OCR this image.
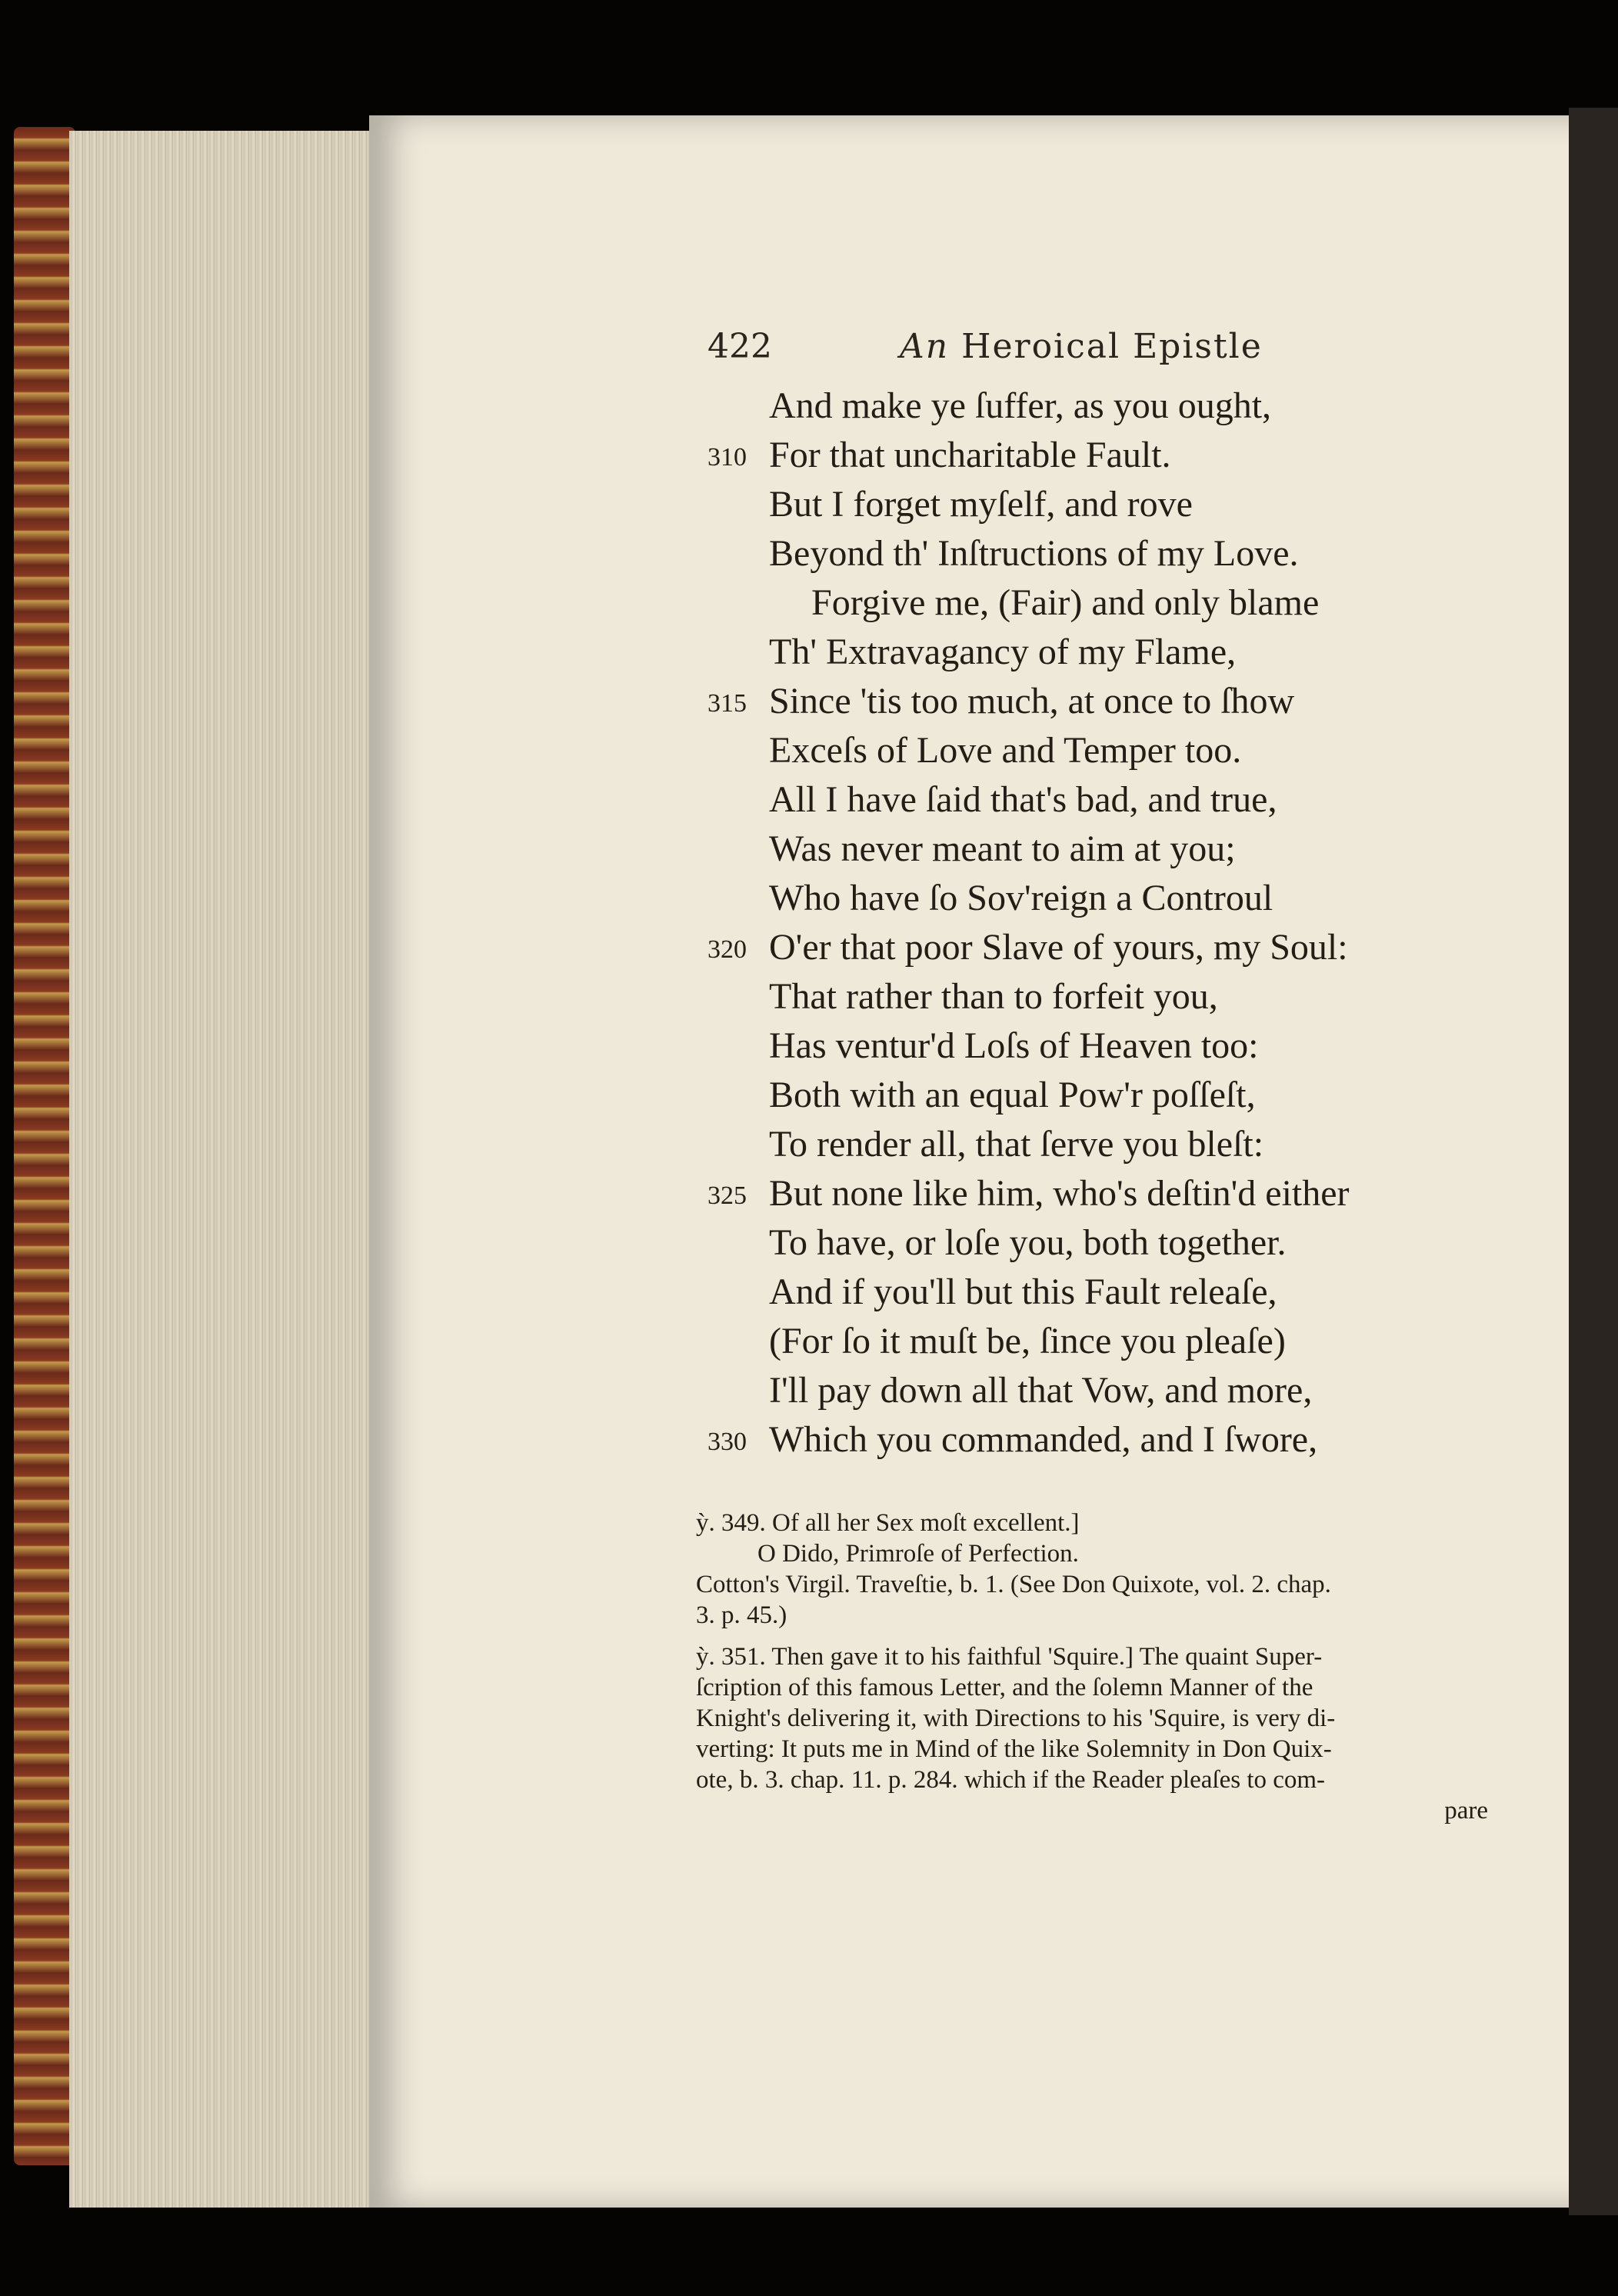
422	An Heroical Epistle
And make ye ſuffer, as you ought,
310 For that uncharitable Fault.
But I forget myſelf, and rove
Beyond th' Inſtructions of my Love.
Forgive me, (Fair) and only blame
Th' Extravagancy of my Flame,
315 Since 'tis too much, at once to ſhow
Exceſs of Love and Temper too.
All I have ſaid that's bad, and true,
Was never meant to aim at you;
Who have ſo Sov'reign a Controul
320 O'er that poor Slave of yours, my Soul:
That rather than to forfeit you,
Has ventur'd Loſs of Heaven too:
Both with an equal Pow'r poſſeſt,
To render all, that ſerve you bleſt:
325 But none like him, who's deſtin'd either
To have, or loſe you, both together.
And if you'll but this Fault releaſe,
(For ſo it muſt be, ſince you pleaſe)
I'll pay down all that Vow, and more,
330 Which you commanded, and I ſwore,
ỳ. 349. Of all her Sex moſt excellent.]
O Dido, Primroſe of Perfection.
Cotton's Virgil. Traveſtie, b. 1. (See Don Quixote, vol. 2. chap.
3. p. 45.)
ỳ. 351. Then gave it to his faithful 'Squire.] The quaint Super-
ſcription of this famous Letter, and the ſolemn Manner of the
Knight's delivering it, with Directions to his 'Squire, is very di-
verting: It puts me in Mind of the like Solemnity in Don Quix-
ote, b. 3. chap. 11. p. 284. which if the Reader pleaſes to com-
pare
